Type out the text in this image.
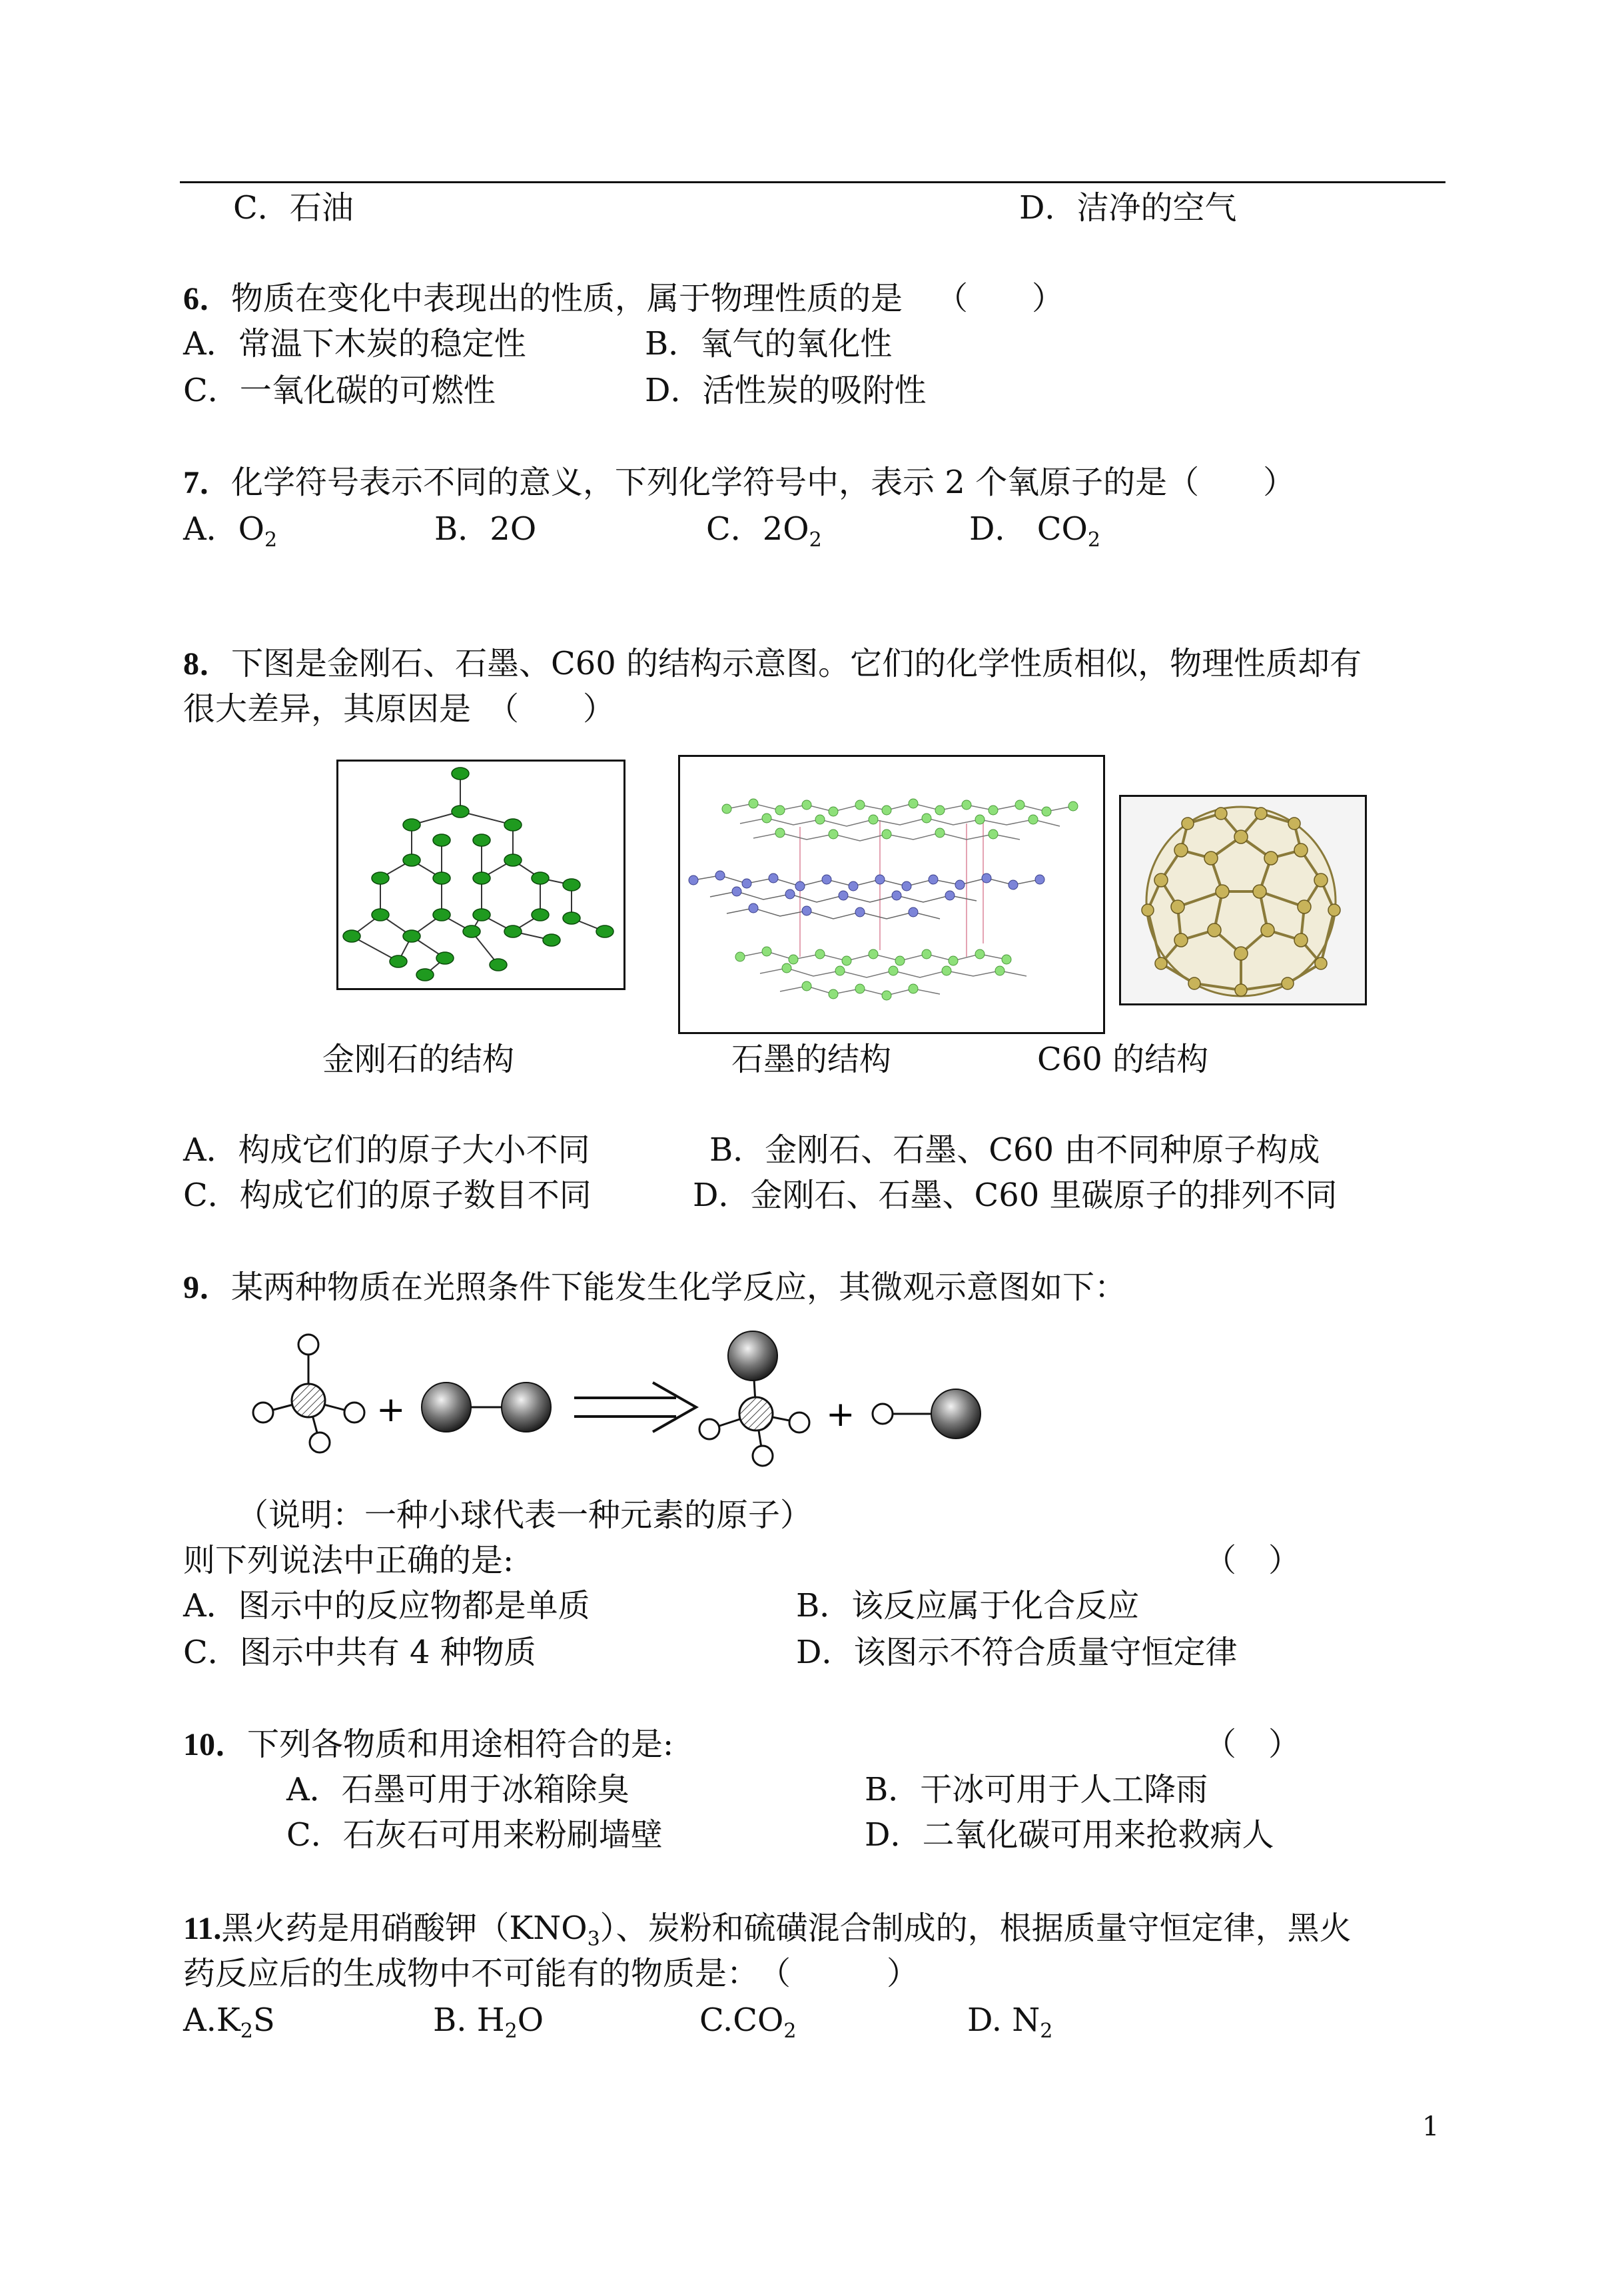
C．石油	D．洁净的空气
6．物质在变化中表现出的性质，属于物理性质的是 （　　）
A．常温下木炭的稳定性	B．氧气的氧化性
C．一氧化碳的可燃性	D．活性炭的吸附性
7．化学符号表示不同的意义，下列化学符号中，表示 2 个氧原子的是（　　）
A．$O_2$	B．2O	C．$2O_2$	D． $CO_2$
8．下图是金刚石、石墨、C60 的结构示意图。它们的化学性质相似，物理性质却有
很大差异，其原因是　（　　）
金刚石的结构	石墨的结构	C60 的结构
A．构成它们的原子大小不同	B．金刚石、石墨、C60 由不同种原子构成
C．构成它们的原子数目不同	D．金刚石、石墨、C60 里碳原子的排列不同
9．某两种物质在光照条件下能发生化学反应，其微观示意图如下：
+	+
（说明：一种小球代表一种元素的原子）
则下列说法中正确的是:	（　）
A．图示中的反应物都是单质	B．该反应属于化合反应
C．图示中共有 4 种物质	D．该图示不符合质量守恒定律
10．下列各物质和用途相符合的是:	（　）
A．石墨可用于冰箱除臭	B．干冰可用于人工降雨
C．石灰石可用来粉刷墙壁	D．二氧化碳可用来抢救病人
11.黑火药是用硝酸钾$(KNO_3)$、炭粉和硫磺混合制成的，根据质量守恒定律，黑火
药反应后的生成物中不可能有的物质是：　（　　　）
$A.K_2S$	B. $H_2O$	$C.CO_2$	D. $N_2$
1
